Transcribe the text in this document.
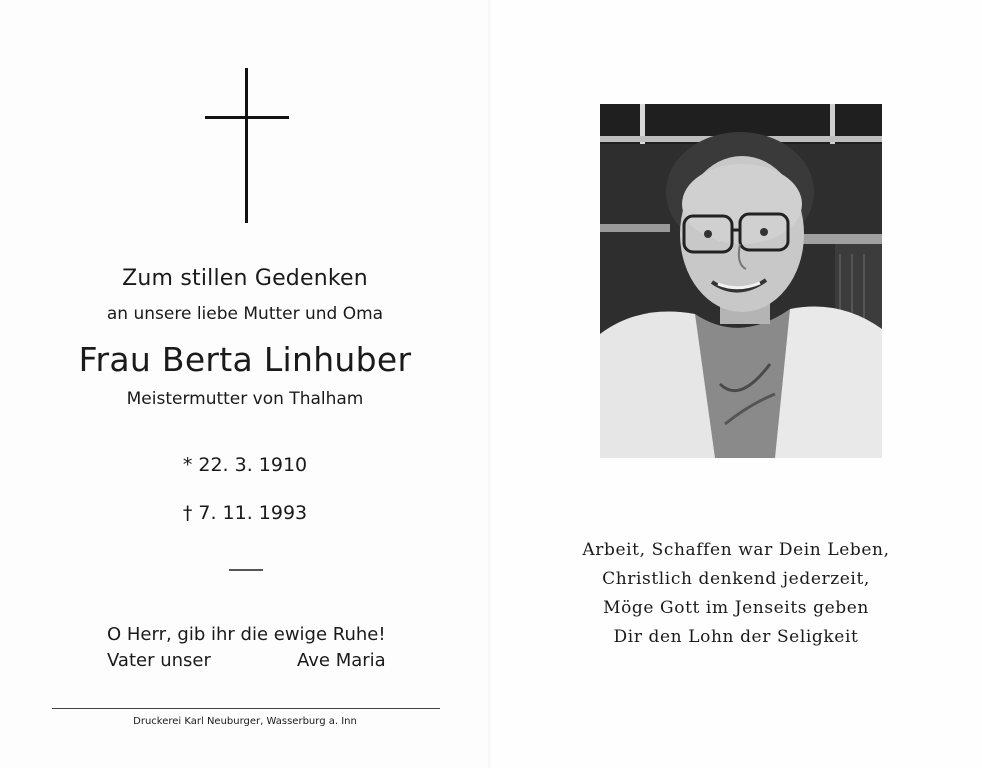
Zum stillen Gedenken
an unsere liebe Mutter und Oma
Frau Berta Linhuber
Meistermutter von Thalham
* 22. 3. 1910
† 7. 11. 1993
O Herr, gib ihr die ewige Ruhe!
Vater unser	Ave Maria
Druckerei Karl Neuburger, Wasserburg a. Inn
Arbeit, Schaffen war Dein Leben,
Christlich denkend jederzeit,
Möge Gott im Jenseits geben
Dir den Lohn der Seligkeit
